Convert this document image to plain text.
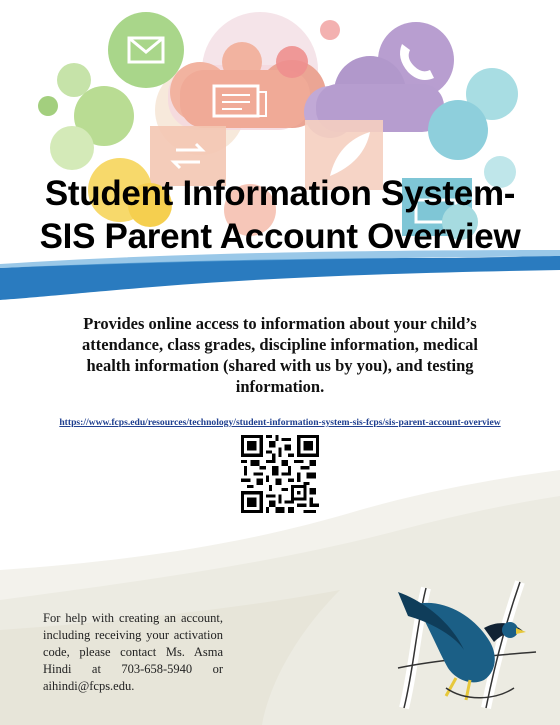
Student Information System-
SIS Parent Account Overview
Provides online access to information about your child’s attendance, class grades, discipline information, medical health information (shared with us by you), and testing information.
https://www.fcps.edu/resources/technology/student-information-system-sis-fcps/sis-parent-account-overview
For help with creating an account, including receiving your activation code, please contact Ms. Asma Hindi at 703-658-5940 or aihindi@fcps.edu.
